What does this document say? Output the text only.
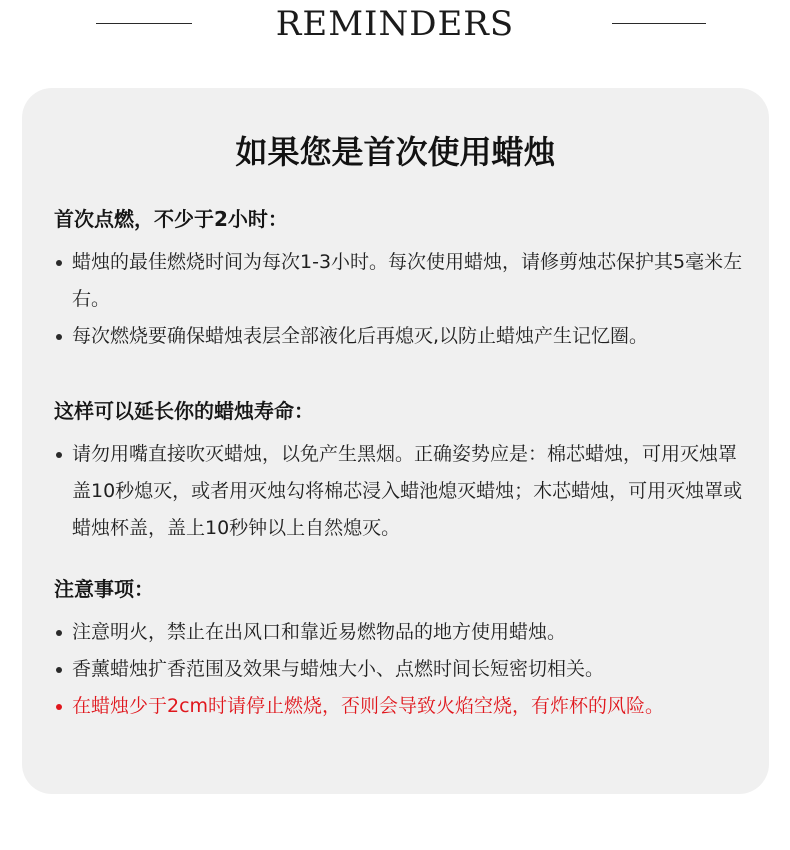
REMINDERS
如果您是首次使用蜡烛
首次点燃，不少于2小时：
蜡烛的最佳燃烧时间为每次1-3小时。每次使用蜡烛，请修剪烛芯保护其5毫米左右。
每次燃烧要确保蜡烛表层全部液化后再熄灭,以防止蜡烛产生记忆圈。
这样可以延长你的蜡烛寿命：
请勿用嘴直接吹灭蜡烛，以免产生黑烟。正确姿势应是：棉芯蜡烛，可用灭烛罩盖10秒熄灭，或者用灭烛勾将棉芯浸入蜡池熄灭蜡烛；木芯蜡烛，可用灭烛罩或蜡烛杯盖，盖上10秒钟以上自然熄灭。
注意事项：
注意明火，禁止在出风口和靠近易燃物品的地方使用蜡烛。
香薰蜡烛扩香范围及效果与蜡烛大小、点燃时间长短密切相关。
在蜡烛少于2cm时请停止燃烧，否则会导致火焰空烧，有炸杯的风险。
